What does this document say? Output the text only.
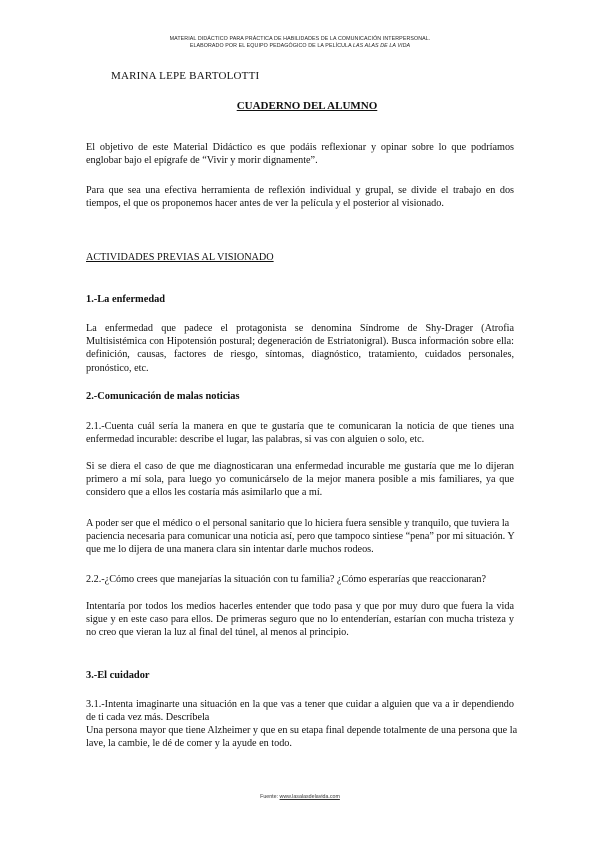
MATERIAL DIDÁCTICO PARA PRÁCTICA DE HABILIDADES DE LA COMUNICACIÓN INTERPERSONAL.
ELABORADO POR EL EQUIPO PEDAGÓGICO DE LA PELÍCULA LAS ALAS DE LA VIDA
MARINA LEPE BARTOLOTTI
CUADERNO DEL ALUMNO

El objetivo de este Material Didáctico es que podáis reflexionar y opinar sobre lo que podríamos englobar bajo el epígrafe de “Vivir y morir dignamente”.

Para que sea una efectiva herramienta de reflexión individual y grupal, se divide el trabajo en dos tiempos, el que os proponemos hacer antes de ver la película y el posterior al visionado.

ACTIVIDADES PREVIAS AL VISIONADO
1.-La enfermedad

La enfermedad que padece el protagonista se denomina Síndrome de Shy-Drager (Atrofia Multisistémica con Hipotensión postural; degeneración de Estriatonigral). Busca información sobre ella: definición, causas, factores de riesgo, síntomas, diagnóstico, tratamiento, cuidados personales, pronóstico, etc.

2.-Comunicación de malas noticias

2.1.-Cuenta cuál sería la manera en que te gustaría que te comunicaran la noticia de que tienes una enfermedad incurable: describe el lugar, las palabras, si vas con alguien o solo, etc.

Si se diera el caso de que me diagnosticaran una enfermedad incurable me gustaría que me lo dijeran primero a mí sola, para luego yo comunicárselo de la mejor manera posible a mis familiares, ya que considero que a ellos les costaría más asimilarlo que a mí.

A poder ser que el médico o el personal sanitario que lo hiciera fuera sensible y tranquilo, que tuviera la paciencia necesaria para comunicar una noticia así, pero que tampoco sintiese “pena” por mi situación. Y que me lo dijera de una manera clara sin intentar darle muchos rodeos.

2.2.-¿Cómo crees que manejarías la situación con tu familia? ¿Cómo esperarías que reaccionaran?

Intentaría por todos los medios hacerles entender que todo pasa y que por muy duro que fuera la vida sigue y en este caso para ellos. De primeras seguro que no lo entenderían, estarían con mucha tristeza y no creo que vieran la luz al final del túnel, al menos al principio.

3.-El cuidador

3.1.-Intenta imaginarte una situación en la que vas a tener que cuidar a alguien que va a ir dependiendo de ti cada vez más. Descríbela

Una persona mayor que tiene Alzheimer y que en su etapa final depende totalmente de una persona que la lave, la cambie, le dé de comer y la ayude en todo.

Fuente: www.lasalasdelavida.com
